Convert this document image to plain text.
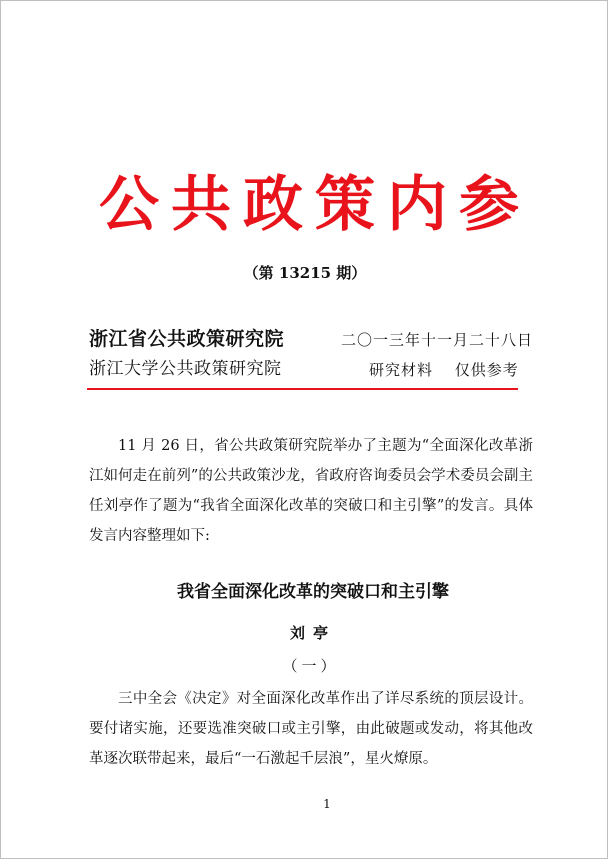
公共政策内参
（第 13215 期）
浙江省公共政策研究院	二〇一三年十一月二十八日
浙江大学公共政策研究院	研究材料　 仅供参考
11 月 26 日，省公共政策研究院举办了主题为“全面深化改革浙江如何走在前列”的公共政策沙龙，省政府咨询委员会学术委员会副主任刘亭作了题为“我省全面深化改革的突破口和主引擎”的发言。具体发言内容整理如下:
我省全面深化改革的突破口和主引擎
刘亭
（一）
三中全会《决定》对全面深化改革作出了详尽系统的顶层设计。要付诸实施，还要选准突破口或主引擎，由此破题或发动，将其他改革逐次联带起来，最后“一石激起千层浪”，星火燎原。
1
